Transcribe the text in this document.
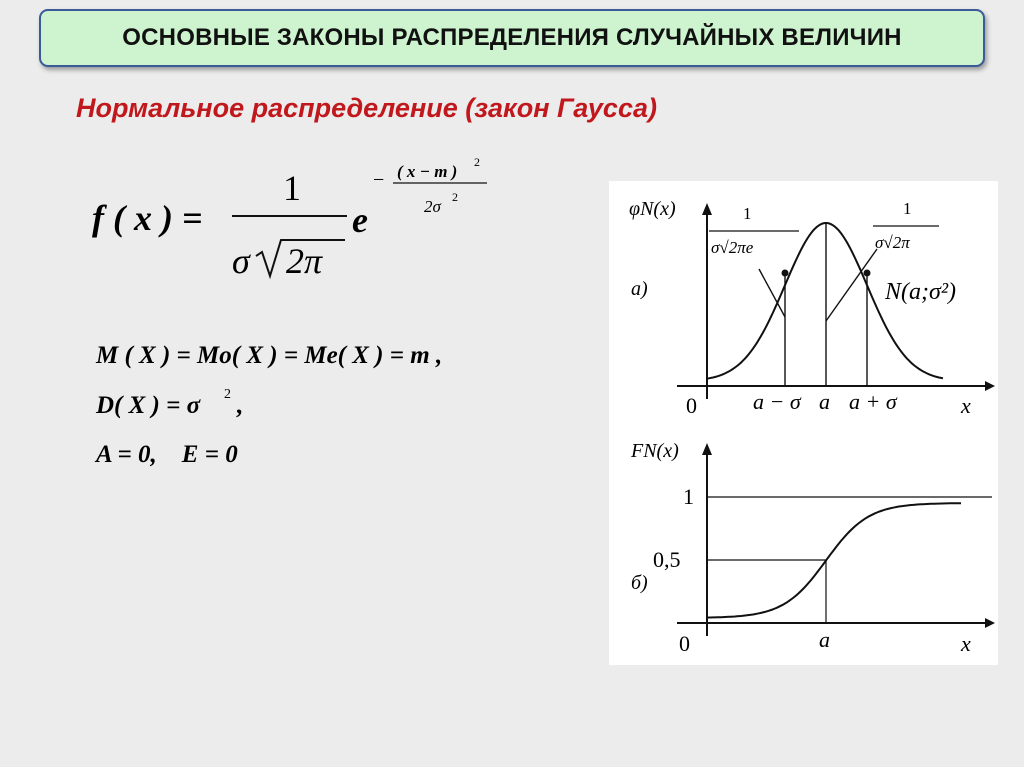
ОСНОВНЫЕ ЗАКОНЫ РАСПРЕДЕЛЕНИЯ СЛУЧАЙНЫХ ВЕЛИЧИН
Нормальное распределение (закон Гаусса)
f ( x ) =
1
σ 2π
e
− ( x − m ) 2
2σ 2
M ( X ) = Mo( X ) = Me( X ) = m ,
D( X ) = σ 2 ,
A = 0,    E = 0
φN(x)
а)
1
σ√2πe
1
σ√2π
N(a;σ²)
0	a − σ a a + σ	x
FN(x)
б)
1
0,5
0	a	x
